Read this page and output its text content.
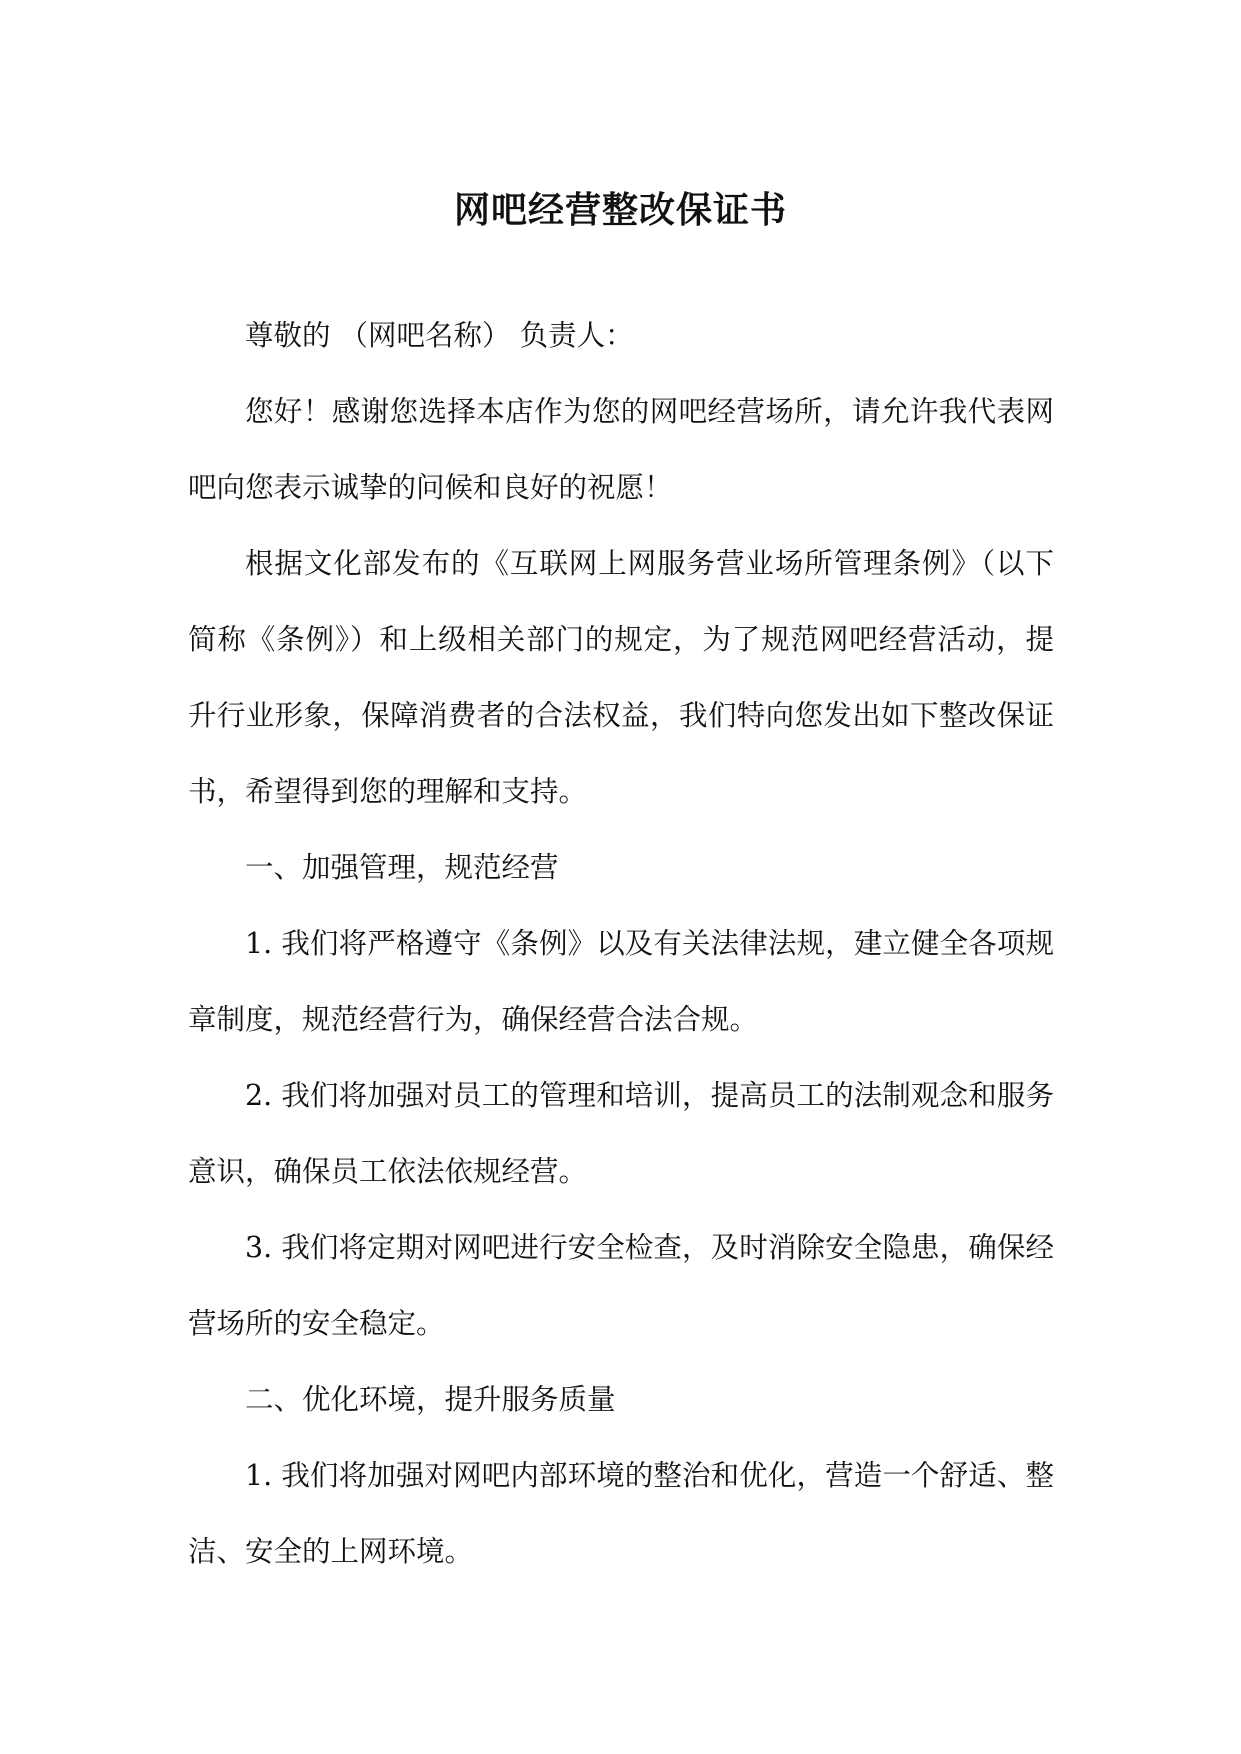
网吧经营整改保证书

尊敬的 （网吧名称） 负责人：

您好！感谢您选择本店作为您的网吧经营场所，请允许我代表网吧向您表示诚挚的问候和良好的祝愿！

根据文化部发布的《互联网上网服务营业场所管理条例》（以下简称《条例》）和上级相关部门的规定，为了规范网吧经营活动，提升行业形象，保障消费者的合法权益，我们特向您发出如下整改保证书，希望得到您的理解和支持。

一、加强管理，规范经营

1. 我们将严格遵守《条例》以及有关法律法规，建立健全各项规章制度，规范经营行为，确保经营合法合规。

2. 我们将加强对员工的管理和培训，提高员工的法制观念和服务意识，确保员工依法依规经营。

3. 我们将定期对网吧进行安全检查，及时消除安全隐患，确保经营场所的安全稳定。

二、优化环境，提升服务质量

1. 我们将加强对网吧内部环境的整治和优化，营造一个舒适、整洁、安全的上网环境。
